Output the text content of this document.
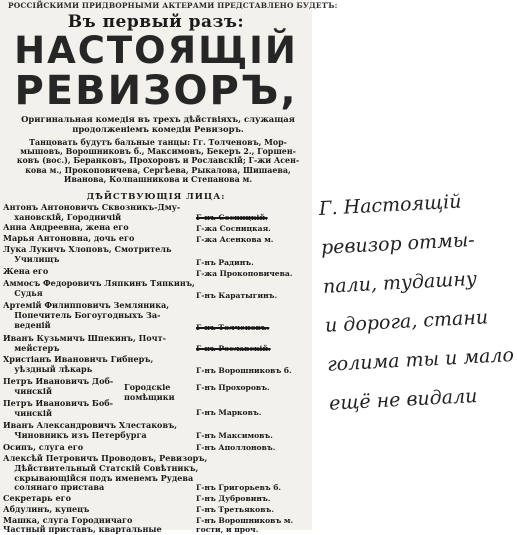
РОССІЙСКИМИ ПРИДВОРНЫМИ АКТЕРАМИ ПРЕДСТАВЛЕНО БУДЕТЪ:
Въ первый разъ:
НАСТОЯЩІЙ
РЕВИЗОРЪ,
Оригинальная комедія въ трехъ дѣйствіяхъ, служащая
продолженіемъ комедіи Ревизоръ.
Танцовать будутъ бальные танцы: Гг. Толченовъ, Мор-
мышовъ, Ворошниковъ б., Максимовъ, Бекеръ 2., Горшен-
ковъ (вос.), Беранковъ, Прохоровъ и Рославскій; Г-жи Асен-
кова м., Прокоповичева, Сергѣева, Рыкалова, Шишаева,
Иванова, Колпашникова и Степанова м.
ДѢЙСТВУЮЩІЯ ЛИЦА:
Антонъ Антоновичъ Сквозникъ-Дму-
хановскій, Городничій	Г-нъ Сосницкій.
Анна Андреевна, жена его	Г-жа Сосницкая.
Марья Антоновна, дочь его	Г-жа Асенкова м.
Лука Лукичъ Хлоповъ, Смотритель
Училищъ	Г-нъ Радинъ.
Жена его	Г-жа Прокоповичева.
Аммосъ Федоровичъ Ляпкинъ Тяпкинъ,
Судья	Г-нъ Каратыгинъ.
Артемій Филипповичъ Земляника,
Попечитель Богоугодныхъ За-
веденій	Г-нъ Толченовъ.
Иванъ Кузьмичъ Шпекинъ, Почт-
мейстеръ	Г-нъ Рославскій.
Христіанъ Ивановичъ Гибнеръ,
уѣздный лѣкарь	Г-нъ Ворошниковъ б.
Петръ Ивановичъ Доб-
чинскій	Г-нъ Прохоровъ.
Городскіе
помѣщики
Петръ Ивановичъ Боб-
чинскій	Г-нъ Марковъ.
Иванъ Александровичъ Хлестаковъ,
Чиновникъ изъ Петербурга	Г-нъ Максимовъ.
Осипъ, слуга его	Г-нъ Аполлоновъ.
Алексѣй Петровичъ Проводовъ, Ревизоръ,
Дѣйствительный Статскій Совѣтникъ,
скрывающійся подъ именемъ Рудева
солянаго пристава	Г-нъ Григорьевъ б.
Секретарь его	Г-нъ Дубровинъ.
Абдулинъ, купецъ	Г-нъ Третьяковъ.
Машка, слуга Городничаго	Г-нъ Ворошниковъ м.
Частный приставъ, квартальные	гости, и проч.
Г. Настоящій
ревизор отмы-
пали, тудашну
и дорога, стани
голима ты и мало
ещё не видали
